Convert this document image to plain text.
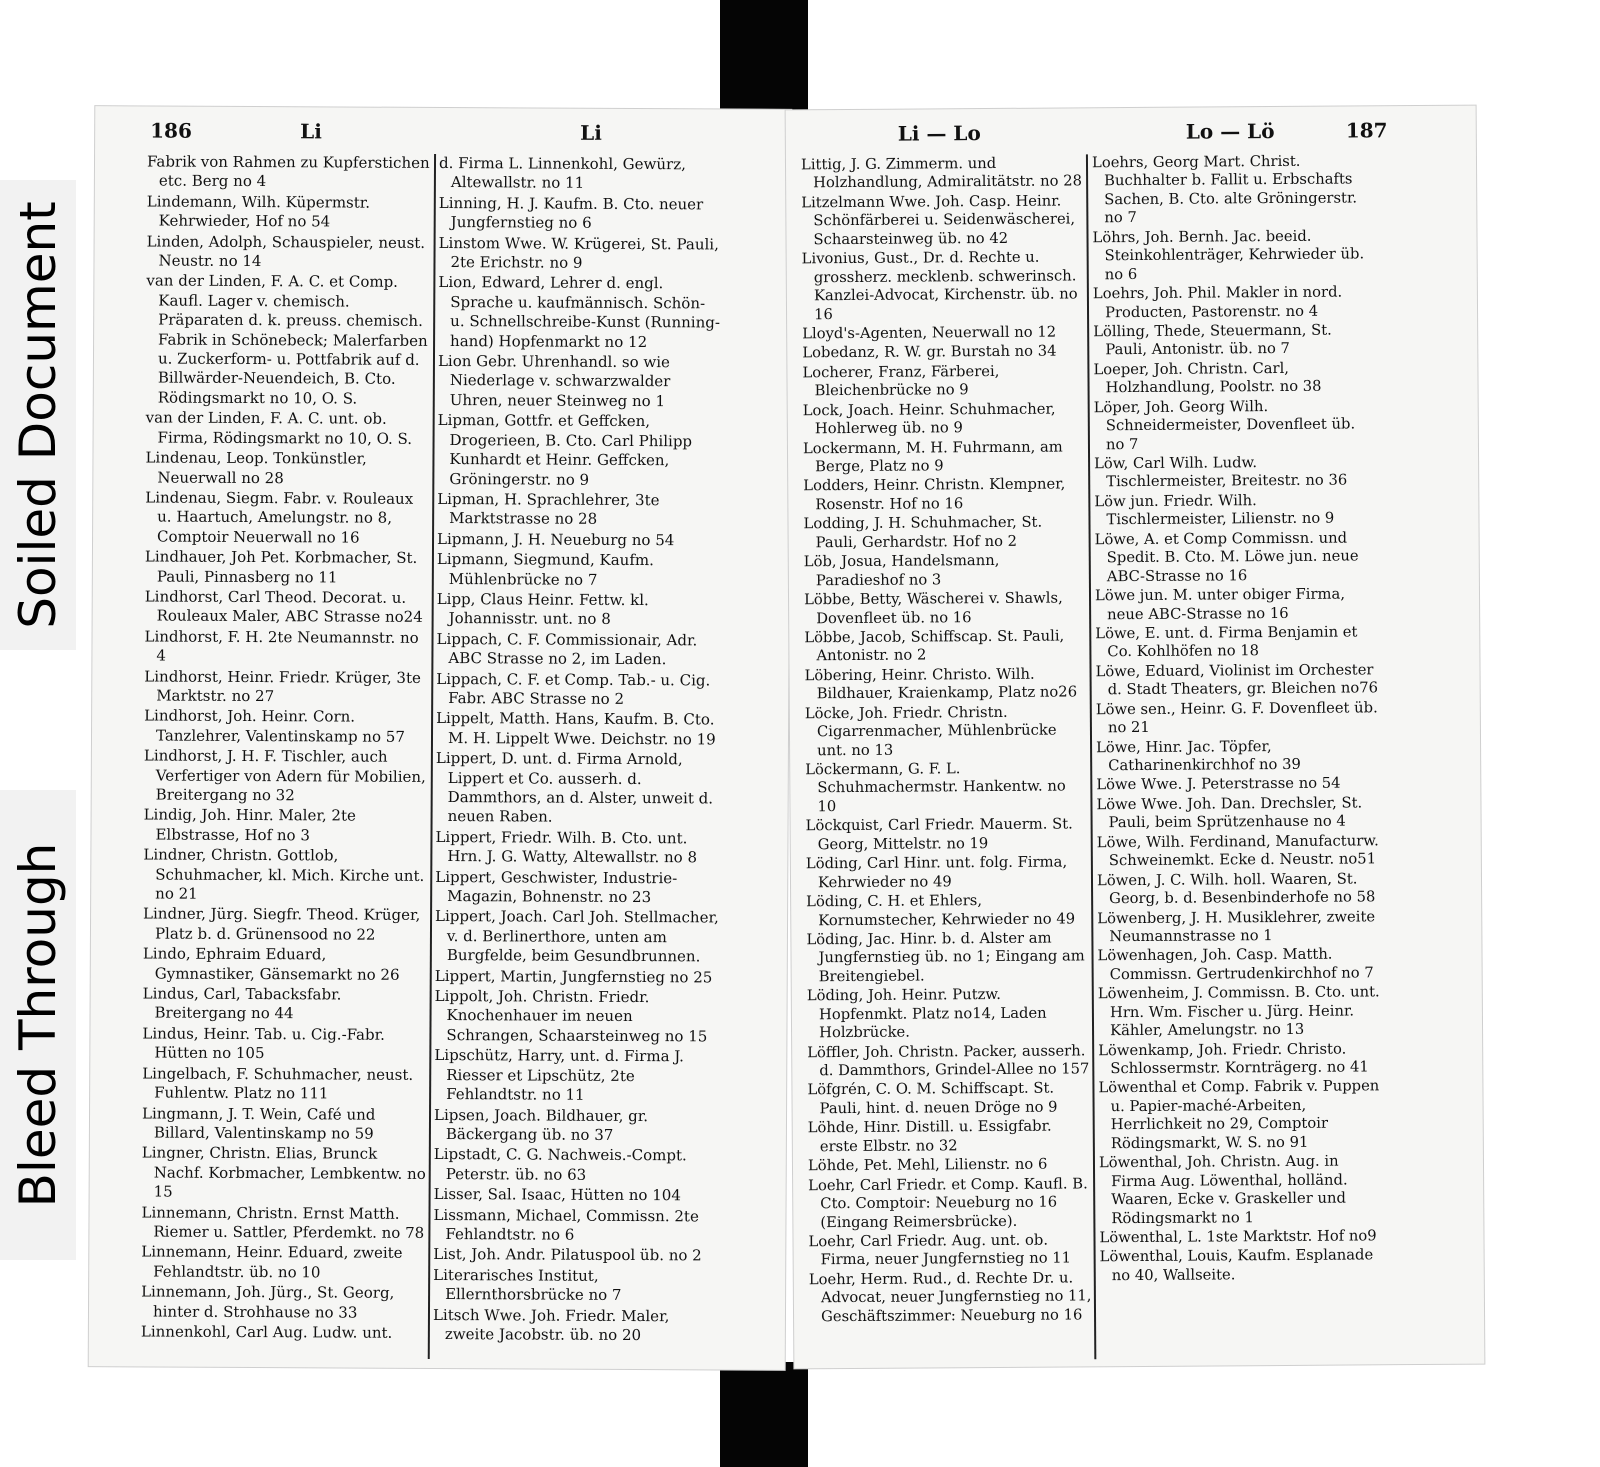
Soiled Document
Bleed Through
186	Li	Li
Fabrik von Rahmen zu Kupferstichen etc. Berg no 4
Lindemann, Wilh. Küpermstr. Kehrwieder, Hof no 54
Linden, Adolph, Schauspieler, neust. Neustr. no 14
van der Linden, F. A. C. et Comp. Kaufl. Lager v. chemisch. Präparaten d. k. preuss. chemisch. Fabrik in Schönebeck; Malerfarben u. Zuckerform- u. Pottfabrik auf d. Billwärder-Neuendeich, B. Cto. Rödingsmarkt no 10, O. S.
van der Linden, F. A. C. unt. ob. Firma, Rödingsmarkt no 10, O. S.
Lindenau, Leop. Tonkünstler, Neuerwall no 28
Lindenau, Siegm. Fabr. v. Rouleaux u. Haartuch, Amelungstr. no 8, Comptoir Neuerwall no 16
Lindhauer, Joh Pet. Korbmacher, St. Pauli, Pinnasberg no 11
Lindhorst, Carl Theod. Decorat. u. Rouleaux Maler, ABC Strasse no24
Lindhorst, F. H. 2te Neumannstr. no 4
Lindhorst, Heinr. Friedr. Krüger, 3te Marktstr. no 27
Lindhorst, Joh. Heinr. Corn. Tanzlehrer, Valentinskamp no 57
Lindhorst, J. H. F. Tischler, auch Verfertiger von Adern für Mobilien, Breitergang no 32
Lindig, Joh. Hinr. Maler, 2te Elbstrasse, Hof no 3
Lindner, Christn. Gottlob, Schuhmacher, kl. Mich. Kirche unt. no 21
Lindner, Jürg. Siegfr. Theod. Krüger, Platz b. d. Grünensood no 22
Lindo, Ephraim Eduard, Gymnastiker, Gänsemarkt no 26
Lindus, Carl, Tabacksfabr. Breitergang no 44
Lindus, Heinr. Tab. u. Cig.-Fabr. Hütten no 105
Lingelbach, F. Schuhmacher, neust. Fuhlentw. Platz no 111
Lingmann, J. T. Wein, Café und Billard, Valentinskamp no 59
Lingner, Christn. Elias, Brunck Nachf. Korbmacher, Lembkentw. no 15
Linnemann, Christn. Ernst Matth. Riemer u. Sattler, Pferdemkt. no 78
Linnemann, Heinr. Eduard, zweite Fehlandtstr. üb. no 10
Linnemann, Joh. Jürg., St. Georg, hinter d. Strohhause no 33
Linnenkohl, Carl Aug. Ludw. unt.
d. Firma L. Linnenkohl, Gewürz, Altewallstr. no 11
Linning, H. J. Kaufm. B. Cto. neuer Jungfernstieg no 6
Linstom Wwe. W. Krügerei, St. Pauli, 2te Erichstr. no 9
Lion, Edward, Lehrer d. engl. Sprache u. kaufmännisch. Schön- u. Schnellschreibe-Kunst (Running-hand) Hopfenmarkt no 12
Lion Gebr. Uhrenhandl. so wie Niederlage v. schwarzwalder Uhren, neuer Steinweg no 1
Lipman, Gottfr. et Geffcken, Drogerieen, B. Cto. Carl Philipp Kunhardt et Heinr. Geffcken, Gröningerstr. no 9
Lipman, H. Sprachlehrer, 3te Marktstrasse no 28
Lipmann, J. H. Neueburg no 54
Lipmann, Siegmund, Kaufm. Mühlenbrücke no 7
Lipp, Claus Heinr. Fettw. kl. Johannisstr. unt. no 8
Lippach, C. F. Commissionair, Adr. ABC Strasse no 2, im Laden.
Lippach, C. F. et Comp. Tab.- u. Cig. Fabr. ABC Strasse no 2
Lippelt, Matth. Hans, Kaufm. B. Cto. M. H. Lippelt Wwe. Deichstr. no 19
Lippert, D. unt. d. Firma Arnold, Lippert et Co. ausserh. d. Dammthors, an d. Alster, unweit d. neuen Raben.
Lippert, Friedr. Wilh. B. Cto. unt. Hrn. J. G. Watty, Altewallstr. no 8
Lippert, Geschwister, Industrie-Magazin, Bohnenstr. no 23
Lippert, Joach. Carl Joh. Stellmacher, v. d. Berlinerthore, unten am Burgfelde, beim Gesundbrunnen.
Lippert, Martin, Jungfernstieg no 25
Lippolt, Joh. Christn. Friedr. Knochenhauer im neuen Schrangen, Schaarsteinweg no 15
Lipschütz, Harry, unt. d. Firma J. Riesser et Lipschütz, 2te Fehlandtstr. no 11
Lipsen, Joach. Bildhauer, gr. Bäckergang üb. no 37
Lipstadt, C. G. Nachweis.-Compt. Peterstr. üb. no 63
Lisser, Sal. Isaac, Hütten no 104
Lissmann, Michael, Commissn. 2te Fehlandtstr. no 6
List, Joh. Andr. Pilatuspool üb. no 2
Literarisches Institut, Ellernthorsbrücke no 7
Litsch Wwe. Joh. Friedr. Maler, zweite Jacobstr. üb. no 20
Li — Lo	Lo — Lö	187
Littig, J. G. Zimmerm. und Holzhandlung, Admiralitätstr. no 28
Litzelmann Wwe. Joh. Casp. Heinr. Schönfärberei u. Seidenwäscherei, Schaarsteinweg üb. no 42
Livonius, Gust., Dr. d. Rechte u. grossherz. mecklenb. schwerinsch. Kanzlei-Advocat, Kirchenstr. üb. no 16
Lloyd's-Agenten, Neuerwall no 12
Lobedanz, R. W. gr. Burstah no 34
Locherer, Franz, Färberei, Bleichenbrücke no 9
Lock, Joach. Heinr. Schuhmacher, Hohlerweg üb. no 9
Lockermann, M. H. Fuhrmann, am Berge, Platz no 9
Lodders, Heinr. Christn. Klempner, Rosenstr. Hof no 16
Lodding, J. H. Schuhmacher, St. Pauli, Gerhardstr. Hof no 2
Löb, Josua, Handelsmann, Paradieshof no 3
Löbbe, Betty, Wäscherei v. Shawls, Dovenfleet üb. no 16
Löbbe, Jacob, Schiffscap. St. Pauli, Antonistr. no 2
Löbering, Heinr. Christo. Wilh. Bildhauer, Kraienkamp, Platz no26
Löcke, Joh. Friedr. Christn. Cigarrenmacher, Mühlenbrücke unt. no 13
Löckermann, G. F. L. Schuhmachermstr. Hankentw. no 10
Löckquist, Carl Friedr. Mauerm. St. Georg, Mittelstr. no 19
Löding, Carl Hinr. unt. folg. Firma, Kehrwieder no 49
Löding, C. H. et Ehlers, Kornumstecher, Kehrwieder no 49
Löding, Jac. Hinr. b. d. Alster am Jungfernstieg üb. no 1; Eingang am Breitengiebel.
Löding, Joh. Heinr. Putzw. Hopfenmkt. Platz no14, Laden Holzbrücke.
Löffler, Joh. Christn. Packer, ausserh. d. Dammthors, Grindel-Allee no 157
Löfgrén, C. O. M. Schiffscapt. St. Pauli, hint. d. neuen Dröge no 9
Löhde, Hinr. Distill. u. Essigfabr. erste Elbstr. no 32
Löhde, Pet. Mehl, Lilienstr. no 6
Loehr, Carl Friedr. et Comp. Kaufl. B. Cto. Comptoir: Neueburg no 16 (Eingang Reimersbrücke).
Loehr, Carl Friedr. Aug. unt. ob. Firma, neuer Jungfernstieg no 11
Loehr, Herm. Rud., d. Rechte Dr. u. Advocat, neuer Jungfernstieg no 11, Geschäftszimmer: Neueburg no 16
Loehrs, Georg Mart. Christ. Buchhalter b. Fallit u. Erbschafts Sachen, B. Cto. alte Gröningerstr. no 7
Löhrs, Joh. Bernh. Jac. beeid. Steinkohlenträger, Kehrwieder üb. no 6
Loehrs, Joh. Phil. Makler in nord. Producten, Pastorenstr. no 4
Lölling, Thede, Steuermann, St. Pauli, Antonistr. üb. no 7
Loeper, Joh. Christn. Carl, Holzhandlung, Poolstr. no 38
Löper, Joh. Georg Wilh. Schneidermeister, Dovenfleet üb. no 7
Löw, Carl Wilh. Ludw. Tischlermeister, Breitestr. no 36
Löw jun. Friedr. Wilh. Tischlermeister, Lilienstr. no 9
Löwe, A. et Comp Commissn. und Spedit. B. Cto. M. Löwe jun. neue ABC-Strasse no 16
Löwe jun. M. unter obiger Firma, neue ABC-Strasse no 16
Löwe, E. unt. d. Firma Benjamin et Co. Kohlhöfen no 18
Löwe, Eduard, Violinist im Orchester d. Stadt Theaters, gr. Bleichen no76
Löwe sen., Heinr. G. F. Dovenfleet üb. no 21
Löwe, Hinr. Jac. Töpfer, Catharinenkirchhof no 39
Löwe Wwe. J. Peterstrasse no 54
Löwe Wwe. Joh. Dan. Drechsler, St. Pauli, beim Sprützenhause no 4
Löwe, Wilh. Ferdinand, Manufacturw. Schweinemkt. Ecke d. Neustr. no51
Löwen, J. C. Wilh. holl. Waaren, St. Georg, b. d. Besenbinderhofe no 58
Löwenberg, J. H. Musiklehrer, zweite Neumannstrasse no 1
Löwenhagen, Joh. Casp. Matth. Commissn. Gertrudenkirchhof no 7
Löwenheim, J. Commissn. B. Cto. unt. Hrn. Wm. Fischer u. Jürg. Heinr. Kähler, Amelungstr. no 13
Löwenkamp, Joh. Friedr. Christo. Schlossermstr. Kornträgerg. no 41
Löwenthal et Comp. Fabrik v. Puppen u. Papier-maché-Arbeiten, Herrlichkeit no 29, Comptoir Rödingsmarkt, W. S. no 91
Löwenthal, Joh. Christn. Aug. in Firma Aug. Löwenthal, holländ. Waaren, Ecke v. Graskeller und Rödingsmarkt no 1
Löwenthal, L. 1ste Marktstr. Hof no9
Löwenthal, Louis, Kaufm. Esplanade no 40, Wallseite.
